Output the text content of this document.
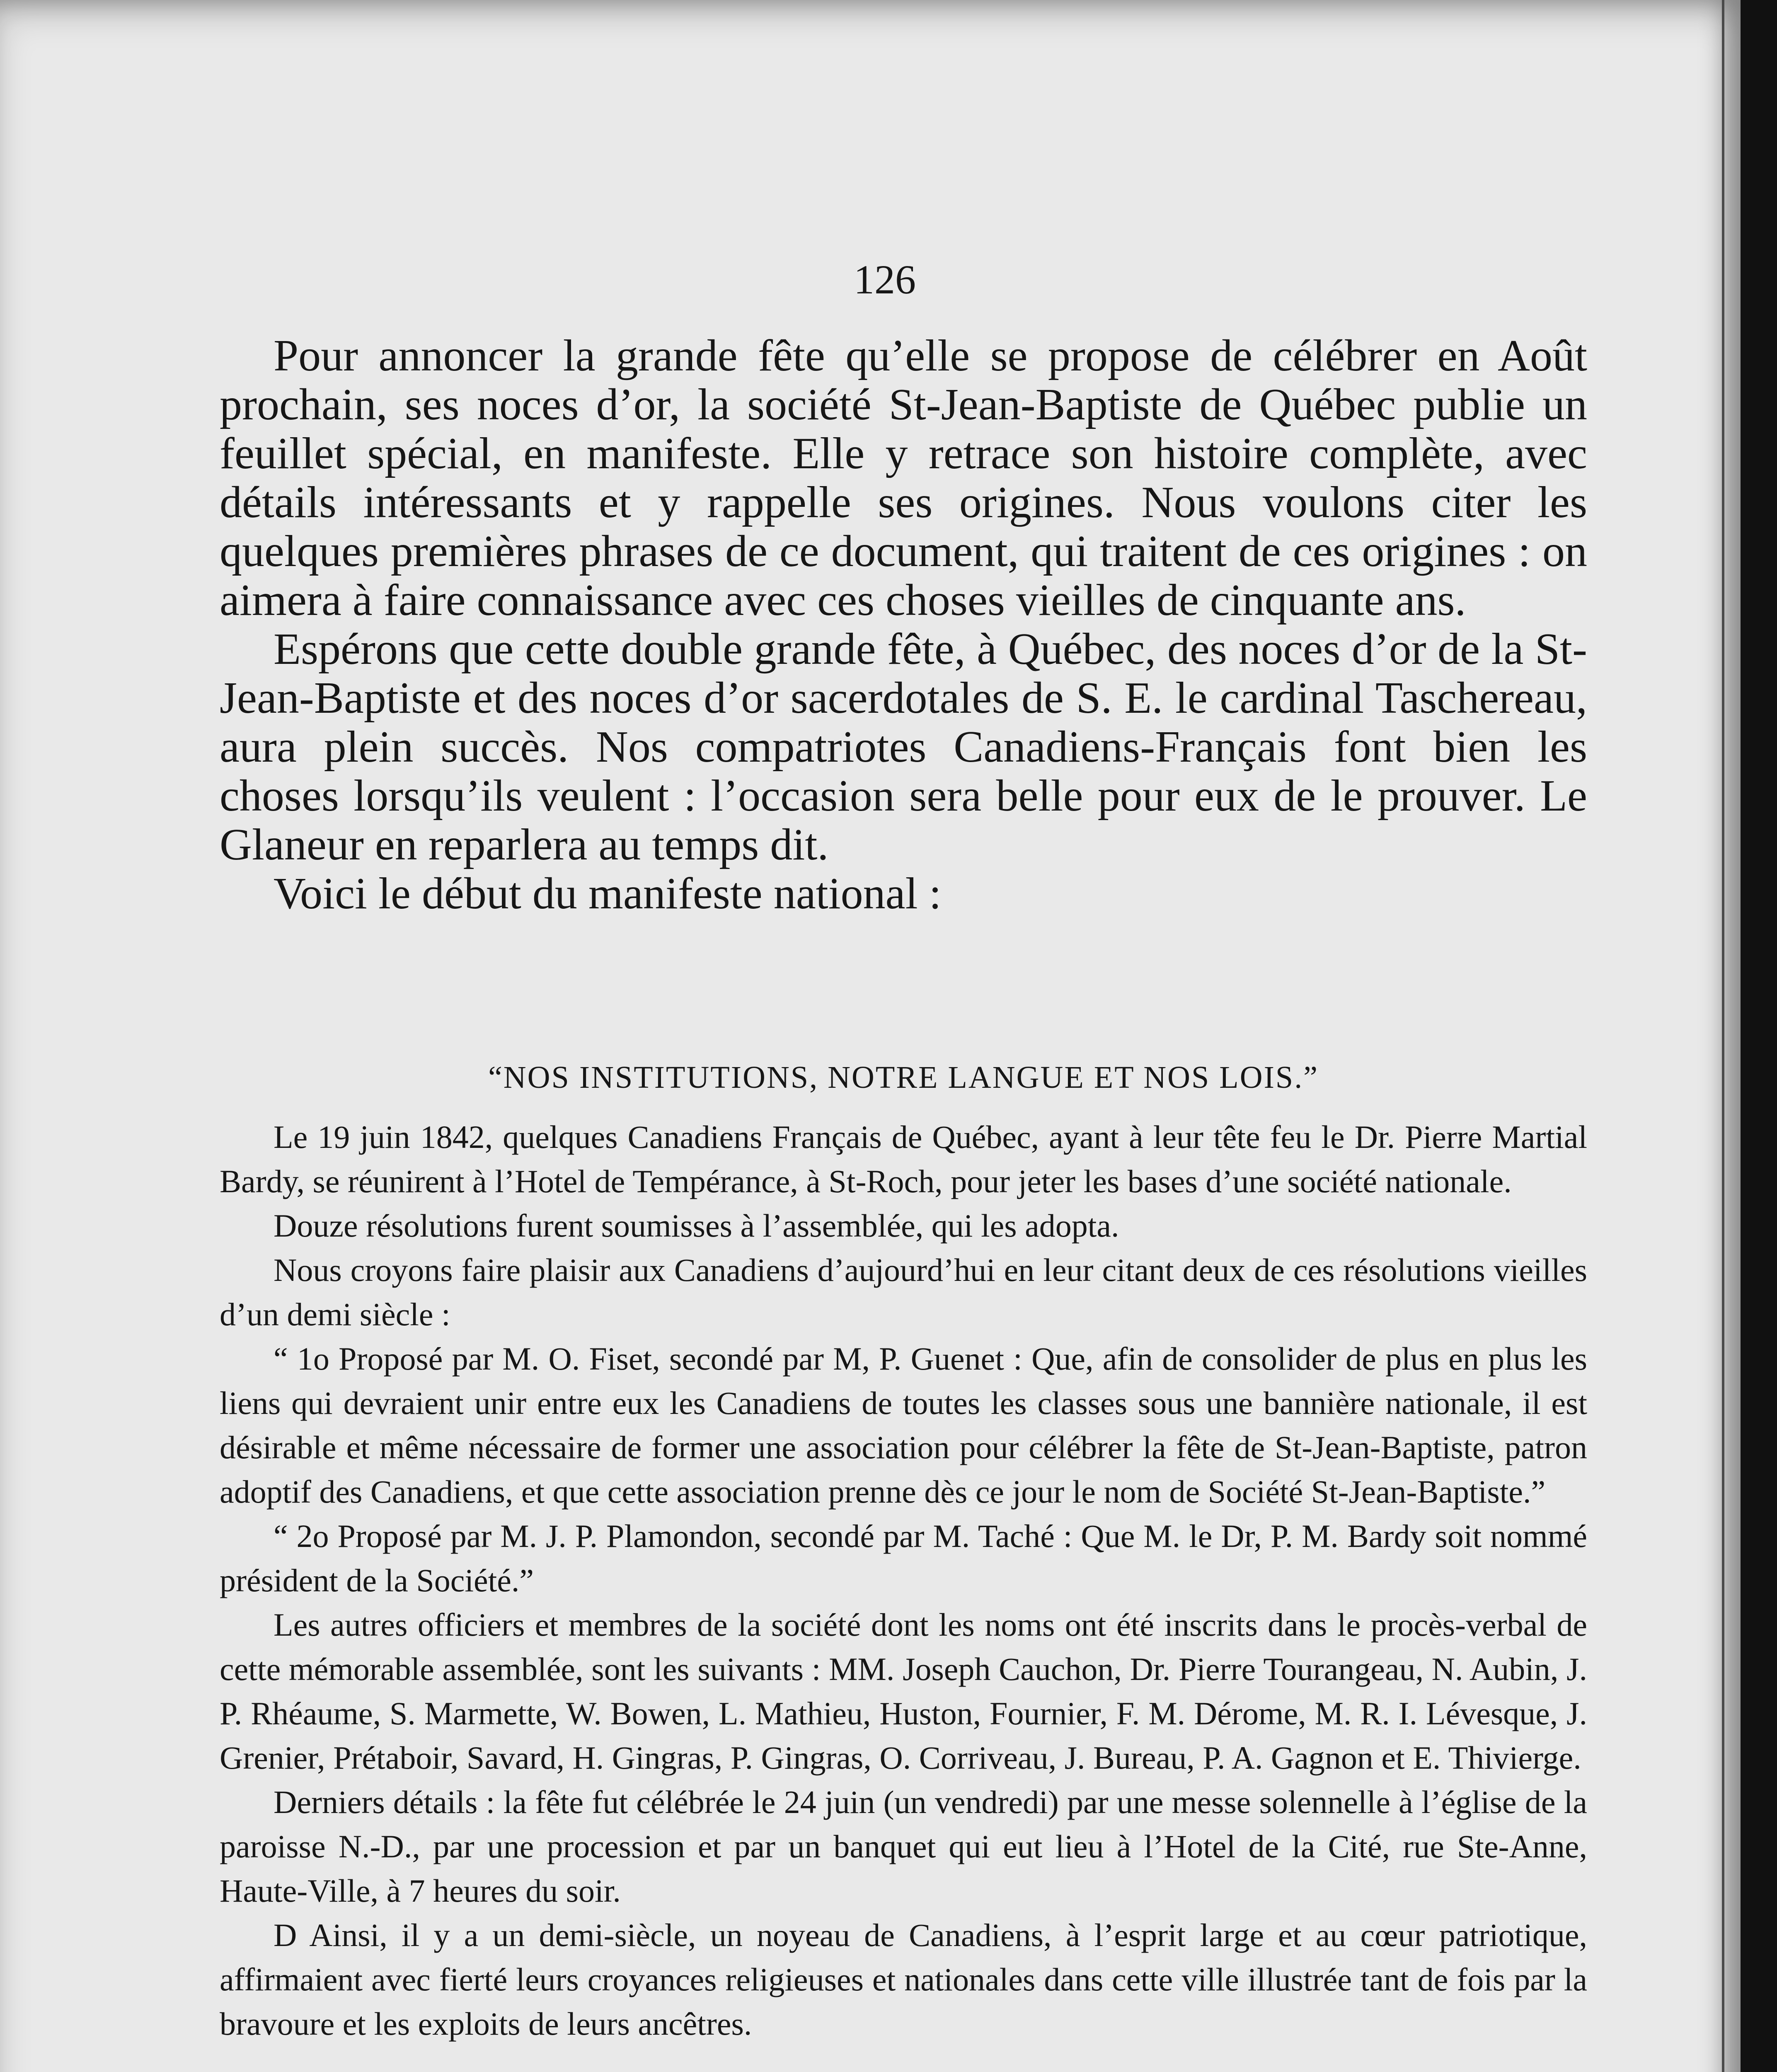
126

Pour annoncer la grande fête qu’elle se propose de célébrer en Août prochain, ses noces d’or, la société St-Jean-Baptiste de Québec publie un feuillet spécial, en manifeste. Elle y retrace son histoire complète, avec détails intéressants et y rappelle ses origines. Nous voulons citer les quelques premières phrases de ce document, qui traitent de ces origines : on aimera à faire connaissance avec ces choses vieilles de cinquante ans.

Espérons que cette double grande fête, à Québec, des noces d’or de la St-Jean-Baptiste et des noces d’or sacerdotales de S. E. le cardinal Taschereau, aura plein succès. Nos compatriotes Canadiens-Français font bien les choses lorsqu’ils veulent : l’occasion sera belle pour eux de le prouver. Le Glaneur en reparlera au temps dit.

Voici le début du manifeste national :

“NOS INSTITUTIONS, NOTRE LANGUE ET NOS LOIS.”

Le 19 juin 1842, quelques Canadiens Français de Québec, ayant à leur tête feu le Dr. Pierre Martial Bardy, se réunirent à l’Hotel de Tempérance, à St-Roch, pour jeter les bases d’une société nationale.

Douze résolutions furent soumisses à l’assemblée, qui les adopta.

Nous croyons faire plaisir aux Canadiens d’aujourd’hui en leur citant deux de ces résolutions vieilles d’un demi siècle :

“ 1o Proposé par M. O. Fiset, secondé par M, P. Guenet : Que, afin de consolider de plus en plus les liens qui devraient unir entre eux les Canadiens de toutes les classes sous une bannière nationale, il est désirable et même nécessaire de former une association pour célébrer la fête de St-Jean-Baptiste, patron adoptif des Canadiens, et que cette association prenne dès ce jour le nom de Société St-Jean-Baptiste.”

“ 2o Proposé par M. J. P. Plamondon, secondé par M. Taché : Que M. le Dr, P. M. Bardy soit nommé président de la Société.”

Les autres officiers et membres de la société dont les noms ont été inscrits dans le procès-verbal de cette mémorable assemblée, sont les suivants : MM. Joseph Cauchon, Dr. Pierre Tourangeau, N. Aubin, J. P. Rhéaume, S. Marmette, W. Bowen, L. Mathieu, Huston, Fournier, F. M. Dérome, M. R. I. Lévesque, J. Grenier, Prétaboir, Savard, H. Gingras, P. Gingras, O. Corriveau, J. Bureau, P. A. Gagnon et E. Thivierge.

Derniers détails : la fête fut célébrée le 24 juin (un vendredi) par une messe solennelle à l’église de la paroisse N.-D., par une procession et par un banquet qui eut lieu à l’Hotel de la Cité, rue Ste-Anne, Haute-Ville, à 7 heures du soir.

D Ainsi, il y a un demi-siècle, un noyeau de Canadiens, à l’esprit large et au cœur patriotique, affirmaient avec fierté leurs croyances religieuses et nationales dans cette ville illustrée tant de fois par la bravoure et les exploits de leurs ancêtres.
